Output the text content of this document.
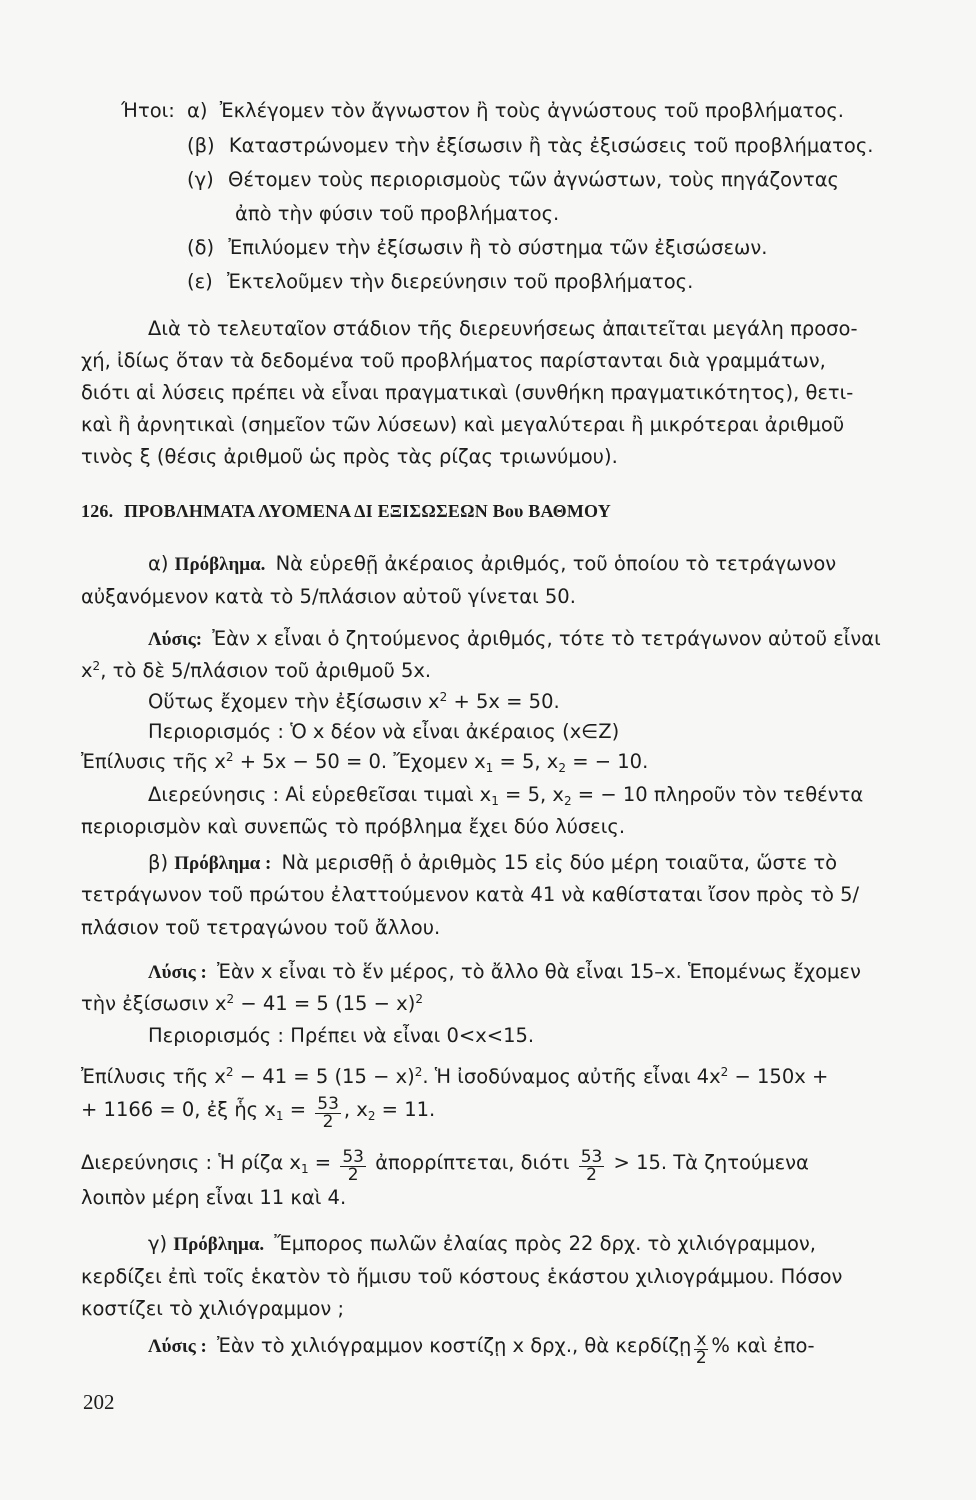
Ήτοι: α) Ἐκλέγομεν τὸν ἄγνωστον ἢ τοὺς ἀγνώστους τοῦ προβλήματος.
(β) Καταστρώνομεν τὴν ἐξίσωσιν ἢ τὰς ἐξισώσεις τοῦ προβλήματος.
(γ) Θέτομεν τοὺς περιορισμοὺς τῶν ἀγνώστων, τοὺς πηγάζοντας
ἀπὸ τὴν φύσιν τοῦ προβλήματος.
(δ) Ἐπιλύομεν τὴν ἐξίσωσιν ἢ τὸ σύστημα τῶν ἐξισώσεων.
(ε) Ἐκτελοῦμεν τὴν διερεύνησιν τοῦ προβλήματος.
Διὰ τὸ τελευταῖον στάδιον τῆς διερευνήσεως ἀπαιτεῖται μεγάλη προσο-
χή, ἰδίως ὅταν τὰ δεδομένα τοῦ προβλήματος παρίστανται διὰ γραμμάτων,
διότι αἱ λύσεις πρέπει νὰ εἶναι πραγματικαὶ (συνθήκη πραγματικότητος), θετι-
καὶ ἢ ἀρνητικαὶ (σημεῖον τῶν λύσεων) καὶ μεγαλύτεραι ἢ μικρότεραι ἀριθμοῦ
τινὸς ξ (θέσις ἀριθμοῦ ὡς πρὸς τὰς ρίζας τριωνύμου).
126. ΠΡΟΒΛΗΜΑΤΑ ΛΥΟΜΕΝΑ ΔΙ ΕΞΙΣΩΣΕΩΝ Βου ΒΑΘΜΟΥ
α) Πρόβλημα. Νὰ εὑρεθῇ ἀκέραιος ἀριθμός, τοῦ ὁποίου τὸ τετράγωνον
αὐξανόμενον κατὰ τὸ 5/πλάσιον αὐτοῦ γίνεται 50.
Λύσις: Ἐὰν x εἶναι ὁ ζητούμενος ἀριθμός, τότε τὸ τετράγωνον αὐτοῦ εἶναι
$x^2$, τὸ δὲ 5/πλάσιον τοῦ ἀριθμοῦ 5x.
Οὕτως ἔχομεν τὴν ἐξίσωσιν $x^2 + 5x = 50$.
Περιορισμός : Ὁ x δέον νὰ εἶναι ἀκέραιος (x∈Z)
Ἐπίλυσις τῆς $x^2 + 5x - 50 = 0$. Ἔχομεν $x_1 = 5$, $x_2$ = − 10.
Διερεύνησις : Αἱ εὑρεθεῖσαι τιμαὶ $x_1 = 5$, $x_2$ = − 10 πληροῦν τὸν τεθέντα
περιορισμὸν καὶ συνεπῶς τὸ πρόβλημα ἔχει δύο λύσεις.
β) Πρόβλημα : Νὰ μερισθῇ ὁ ἀριθμὸς 15 εἰς δύο μέρη τοιαῦτα, ὥστε τὸ
τετράγωνον τοῦ πρώτου ἐλαττούμενον κατὰ 41 νὰ καθίσταται ἴσον πρὸς τὸ 5/
πλάσιον τοῦ τετραγώνου τοῦ ἄλλου.
Λύσις : Ἐὰν x εἶναι τὸ ἕν μέρος, τὸ ἄλλο θὰ εἶναι 15–x. Ἑπομένως ἔχομεν
τὴν ἐξίσωσιν $x^2 - 41 = 5$ $(15 - x)^2$
Περιορισμός : Πρέπει νὰ εἶναι 0<x<15.
Ἐπίλυσις τῆς $x^2 - 41 = 5$ $(15 - x)^2$. Ἡ ἰσοδύναμος αὐτῆς εἶναι $4x^2 - 150x$ +
+ 1166 = 0, ἐξ ἧς $x_1 = \frac{53}{2}$ , $x_2 = 11$.
Διερεύνησις : Ἡ ρίζα $x_1 = \frac{53}{2}$ ἀπορρίπτεται, διότι $\frac{53}{2} > 15$. Τὰ ζητούμενα
λοιπὸν μέρη εἶναι 11 καὶ 4.
γ) Πρόβλημα. Ἔμπορος πωλῶν ἐλαίας πρὸς 22 δρχ. τὸ χιλιόγραμμον,
κερδίζει ἐπὶ τοῖς ἑκατὸν τὸ ἥμισυ τοῦ κόστους ἑκάστου χιλιογράμμου. Πόσον
κοστίζει τὸ χιλιόγραμμον ;
Λύσις : Ἐὰν τὸ χιλιόγραμμον κοστίζῃ x δρχ., θὰ κερδίζῃ $\frac{x}{2}$ % καὶ ἐπο-
202
